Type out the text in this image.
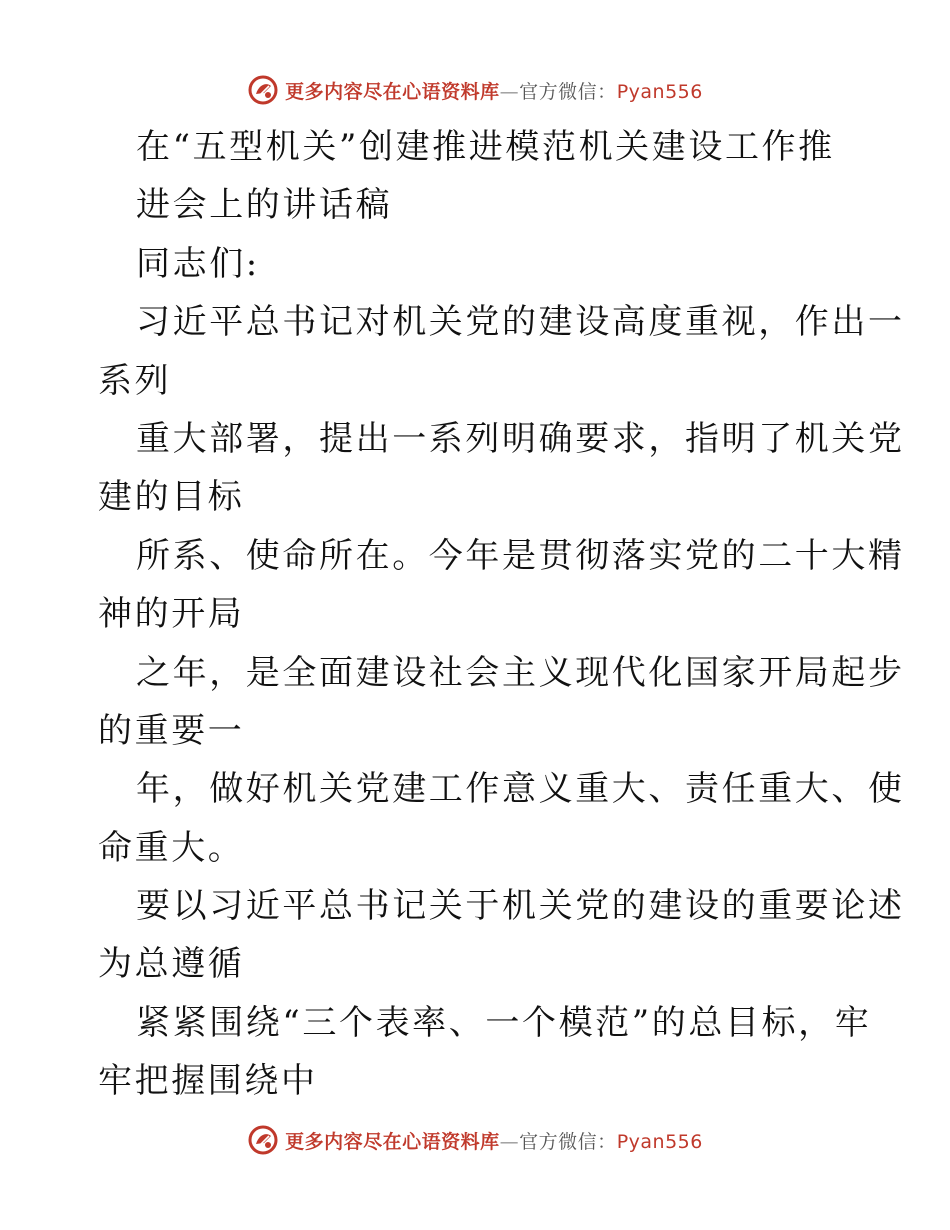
更多内容尽在心语资料库—官方微信：Pyan556
在“五型机关”创建推进模范机关建设工作推
进会上的讲话稿
同志们:
习近平总书记对机关党的建设高度重视，作出一
系列
重大部署，提出一系列明确要求，指明了机关党
建的目标
所系、使命所在。今年是贯彻落实党的二十大精
神的开局
之年，是全面建设社会主义现代化国家开局起步
的重要一
年，做好机关党建工作意义重大、责任重大、使
命重大。
要以习近平总书记关于机关党的建设的重要论述
为总遵循
紧紧围绕“三个表率、一个模范”的总目标，牢
牢把握围绕中
更多内容尽在心语资料库—官方微信：Pyan556
